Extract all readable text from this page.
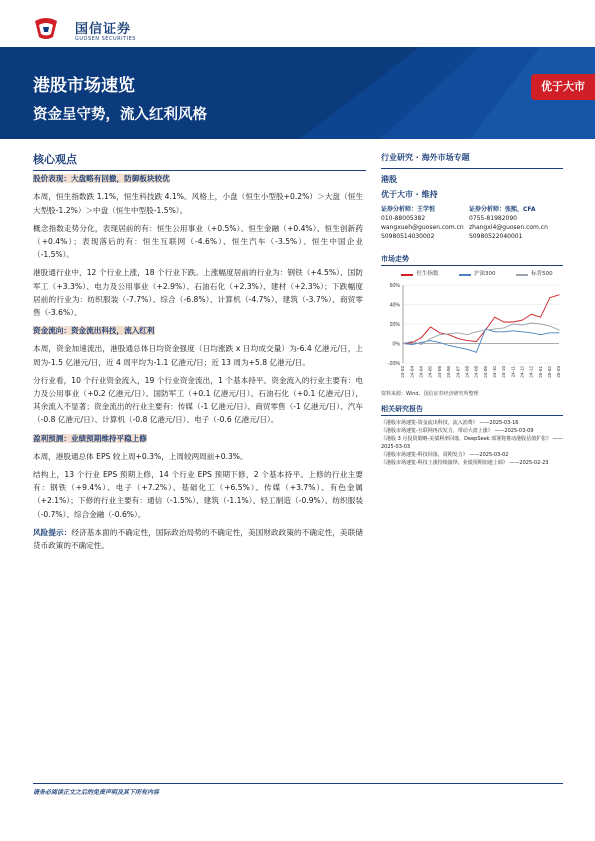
国信证券
GUOSEN SECURITIES
港股市场速览
资金呈守势，流入红利风格
优于大市
核心观点

股价表现：大盘略有回撤，防御板块较优

本周，恒生指数跌 1.1%，恒生科技跌 4.1%。风格上，小盘（恒生小型股+0.2%）＞大盘（恒生大型股-1.2%）＞中盘（恒生中型股-1.5%）。

概念指数走势分化，表现居前的有：恒生公用事业（+0.5%）、恒生金融（+0.4%）、恒生创新药（+0.4%）；表现落后的有：恒生互联网（-4.6%）、恒生汽车（-3.5%）、恒生中国企业（-1.5%）。

港股通行业中，12 个行业上涨，18 个行业下跌。上涨幅度居前的行业为：钢铁（+4.5%）、国防军工（+3.3%）、电力及公用事业（+2.9%）、石油石化（+2.3%）、建材（+2.3%）；下跌幅度居前的行业为：纺织服装（-7.7%）、综合（-6.8%）、计算机（-4.7%）、建筑（-3.7%）、商贸零售（-3.6%）。

资金流向：资金流出科技，流入红利

本周，资金加速流出，港股通总体日均资金强度（日均涨跌 x 日均成交量）为-6.4 亿港元/日，上周为-1.5 亿港元/日，近 4 周平均为-1.1 亿港元/日；近 13 周为+5.8 亿港元/日。

分行业看，10 个行业资金流入，19 个行业资金流出，1 个基本持平。资金流入的行业主要有：电力及公用事业（+0.2 亿港元/日）、国防军工（+0.1 亿港元/日）、石油石化（+0.1 亿港元/日），其余流入不显著；资金流出的行业主要有：传媒（-1 亿港元/日）、商贸零售（-1 亿港元/日）、汽车（-0.8 亿港元/日）、计算机（-0.8 亿港元/日）、电子（-0.6 亿港元/日）。

盈利预测：业绩预期维持平稳上修

本周，港股通总体 EPS 较上周+0.3%，上周较两周前+0.3%。

结构上，13 个行业 EPS 预期上修，14 个行业 EPS 预期下修，2 个基本持平。上修的行业主要有：钢铁（+9.4%）、电子（+7.2%）、基础化工（+6.5%）、传媒（+3.7%）、有色金属（+2.1%）；下修的行业主要有：通信（-1.5%）、建筑（-1.1%）、轻工制造（-0.9%）、纺织服装（-0.7%）、综合金融（-0.6%）。

风险提示：经济基本面的不确定性，国际政治局势的不确定性，美国财政政策的不确定性，美联储货币政策的不确定性。

行业研究 · 海外市场专题
港股
优于大市 · 维持
证券分析师：王学恒
010-88005382
wangxueh@guosen.com.cn
S0980514030002
证券分析师：张熙，CFA
0755-81982090
zhangxi4@guosen.com.cn
S0980522040001
市场走势
恒生指数	沪深300	标普500
60%
40%
20%
0%
-20%
24-03 24-04 24-04 24-05 24-06 24-06 24-07 24-08 24-08 24-09 24-10 24-10 24-11 24-12 24-12 25-01 25-02 25-03
资料来源：Wind、国信证券经济研究所整理
相关研究报告
《港股市场速览-资金流出科技，流入消费》 ——2025-03-16
《港股市场速览-互联网再次发力，带动大盘上涨》 ——2025-03-09
《港股 3 月投资策略-美债利率回落，DeepSeek 部署将推动港股估值扩张》 ——2025-03-03
《港股市场速览-科技回落，周期发力》 ——2025-03-02
《港股市场速览-科技上涨持续演绎，业绩预期加速上调》 ——2025-02-23
请务必阅读正文之后的免责声明及其下所有内容
